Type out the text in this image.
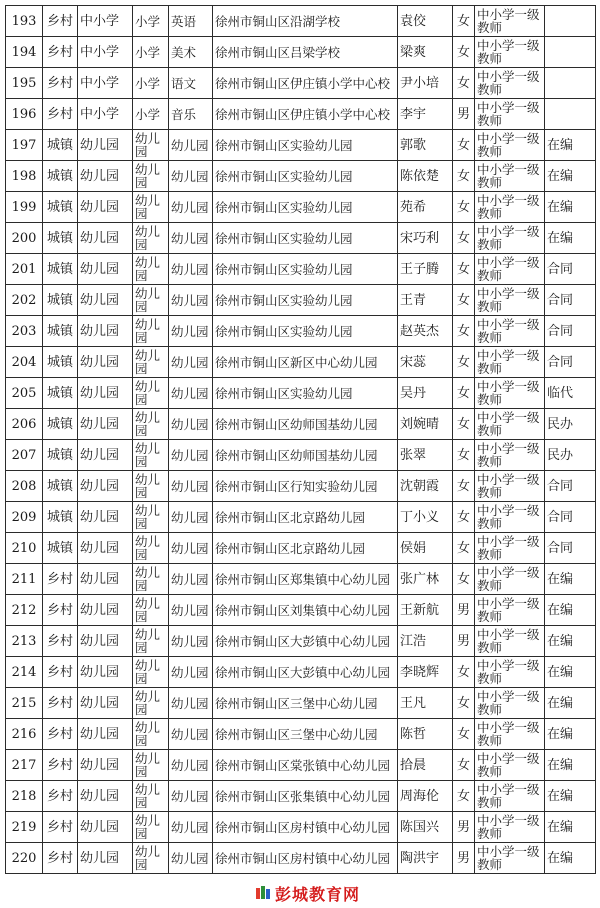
193	乡村	中小学	小学	英语	徐州市铜山区沿湖学校	袁佼	女	中小学一级教师	
194	乡村	中小学	小学	美术	徐州市铜山区吕梁学校	梁爽	女	中小学一级教师	
195	乡村	中小学	小学	语文	徐州市铜山区伊庄镇小学中心校	尹小培	女	中小学一级教师	
196	乡村	中小学	小学	音乐	徐州市铜山区伊庄镇小学中心校	李宇	男	中小学一级教师	
197	城镇	幼儿园	幼儿园	幼儿园	徐州市铜山区实验幼儿园	郭歌	女	中小学一级教师	在编
198	城镇	幼儿园	幼儿园	幼儿园	徐州市铜山区实验幼儿园	陈依楚	女	中小学一级教师	在编
199	城镇	幼儿园	幼儿园	幼儿园	徐州市铜山区实验幼儿园	苑希	女	中小学一级教师	在编
200	城镇	幼儿园	幼儿园	幼儿园	徐州市铜山区实验幼儿园	宋巧利	女	中小学一级教师	在编
201	城镇	幼儿园	幼儿园	幼儿园	徐州市铜山区实验幼儿园	王子腾	女	中小学一级教师	合同
202	城镇	幼儿园	幼儿园	幼儿园	徐州市铜山区实验幼儿园	王青	女	中小学一级教师	合同
203	城镇	幼儿园	幼儿园	幼儿园	徐州市铜山区实验幼儿园	赵英杰	女	中小学一级教师	合同
204	城镇	幼儿园	幼儿园	幼儿园	徐州市铜山区新区中心幼儿园	宋蕊	女	中小学一级教师	合同
205	城镇	幼儿园	幼儿园	幼儿园	徐州市铜山区实验幼儿园	吴丹	女	中小学一级教师	临代
206	城镇	幼儿园	幼儿园	幼儿园	徐州市铜山区幼师国基幼儿园	刘婉晴	女	中小学一级教师	民办
207	城镇	幼儿园	幼儿园	幼儿园	徐州市铜山区幼师国基幼儿园	张翠	女	中小学一级教师	民办
208	城镇	幼儿园	幼儿园	幼儿园	徐州市铜山区行知实验幼儿园	沈朝霞	女	中小学一级教师	合同
209	城镇	幼儿园	幼儿园	幼儿园	徐州市铜山区北京路幼儿园	丁小义	女	中小学一级教师	合同
210	城镇	幼儿园	幼儿园	幼儿园	徐州市铜山区北京路幼儿园	侯娟	女	中小学一级教师	合同
211	乡村	幼儿园	幼儿园	幼儿园	徐州市铜山区郑集镇中心幼儿园	张广林	女	中小学一级教师	在编
212	乡村	幼儿园	幼儿园	幼儿园	徐州市铜山区刘集镇中心幼儿园	王新航	男	中小学一级教师	在编
213	乡村	幼儿园	幼儿园	幼儿园	徐州市铜山区大彭镇中心幼儿园	江浩	男	中小学一级教师	在编
214	乡村	幼儿园	幼儿园	幼儿园	徐州市铜山区大彭镇中心幼儿园	李晓辉	女	中小学一级教师	在编
215	乡村	幼儿园	幼儿园	幼儿园	徐州市铜山区三堡中心幼儿园	王凡	女	中小学一级教师	在编
216	乡村	幼儿园	幼儿园	幼儿园	徐州市铜山区三堡中心幼儿园	陈哲	女	中小学一级教师	在编
217	乡村	幼儿园	幼儿园	幼儿园	徐州市铜山区棠张镇中心幼儿园	拾晨	女	中小学一级教师	在编
218	乡村	幼儿园	幼儿园	幼儿园	徐州市铜山区张集镇中心幼儿园	周海伦	女	中小学一级教师	在编
219	乡村	幼儿园	幼儿园	幼儿园	徐州市铜山区房村镇中心幼儿园	陈国兴	男	中小学一级教师	在编
220	乡村	幼儿园	幼儿园	幼儿园	徐州市铜山区房村镇中心幼儿园	陶洪宇	男	中小学一级教师	在编
彭城教育网
